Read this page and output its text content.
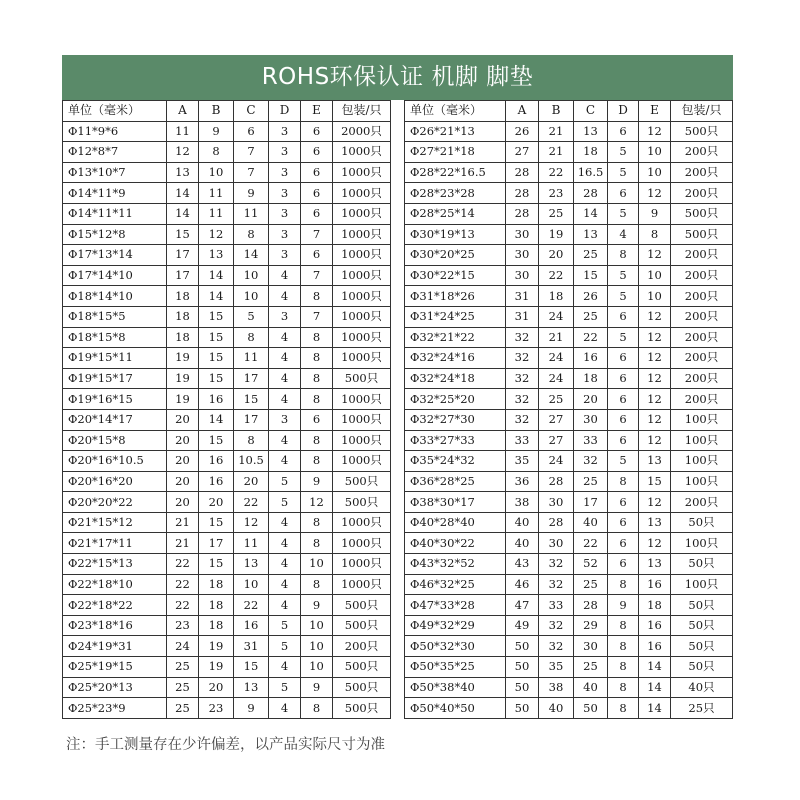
ROHS环保认证 机脚 脚垫
单位（毫米）	A	B	C	D	E	包装/只
Φ11*9*6	11	9	6	3	6	2000只
Φ12*8*7	12	8	7	3	6	1000只
Φ13*10*7	13	10	7	3	6	1000只
Φ14*11*9	14	11	9	3	6	1000只
Φ14*11*11	14	11	11	3	6	1000只
Φ15*12*8	15	12	8	3	7	1000只
Φ17*13*14	17	13	14	3	6	1000只
Φ17*14*10	17	14	10	4	7	1000只
Φ18*14*10	18	14	10	4	8	1000只
Φ18*15*5	18	15	5	3	7	1000只
Φ18*15*8	18	15	8	4	8	1000只
Φ19*15*11	19	15	11	4	8	1000只
Φ19*15*17	19	15	17	4	8	500只
Φ19*16*15	19	16	15	4	8	1000只
Φ20*14*17	20	14	17	3	6	1000只
Φ20*15*8	20	15	8	4	8	1000只
Φ20*16*10.5	20	16	10.5	4	8	1000只
Φ20*16*20	20	16	20	5	9	500只
Φ20*20*22	20	20	22	5	12	500只
Φ21*15*12	21	15	12	4	8	1000只
Φ21*17*11	21	17	11	4	8	1000只
Φ22*15*13	22	15	13	4	10	1000只
Φ22*18*10	22	18	10	4	8	1000只
Φ22*18*22	22	18	22	4	9	500只
Φ23*18*16	23	18	16	5	10	500只
Φ24*19*31	24	19	31	5	10	200只
Φ25*19*15	25	19	15	4	10	500只
Φ25*20*13	25	20	13	5	9	500只
Φ25*23*9	25	23	9	4	8	500只
单位（毫米）	A	B	C	D	E	包装/只
Φ26*21*13	26	21	13	6	12	500只
Φ27*21*18	27	21	18	5	10	200只
Φ28*22*16.5	28	22	16.5	5	10	200只
Φ28*23*28	28	23	28	6	12	200只
Φ28*25*14	28	25	14	5	9	500只
Φ30*19*13	30	19	13	4	8	500只
Φ30*20*25	30	20	25	8	12	200只
Φ30*22*15	30	22	15	5	10	200只
Φ31*18*26	31	18	26	5	10	200只
Φ31*24*25	31	24	25	6	12	200只
Φ32*21*22	32	21	22	5	12	200只
Φ32*24*16	32	24	16	6	12	200只
Φ32*24*18	32	24	18	6	12	200只
Φ32*25*20	32	25	20	6	12	200只
Φ32*27*30	32	27	30	6	12	100只
Φ33*27*33	33	27	33	6	12	100只
Φ35*24*32	35	24	32	5	13	100只
Φ36*28*25	36	28	25	8	15	100只
Φ38*30*17	38	30	17	6	12	200只
Φ40*28*40	40	28	40	6	13	50只
Φ40*30*22	40	30	22	6	12	100只
Φ43*32*52	43	32	52	6	13	50只
Φ46*32*25	46	32	25	8	16	100只
Φ47*33*28	47	33	28	9	18	50只
Φ49*32*29	49	32	29	8	16	50只
Φ50*32*30	50	32	30	8	16	50只
Φ50*35*25	50	35	25	8	14	50只
Φ50*38*40	50	38	40	8	14	40只
Φ50*40*50	50	40	50	8	14	25只
注：手工测量存在少许偏差，以产品实际尺寸为准
